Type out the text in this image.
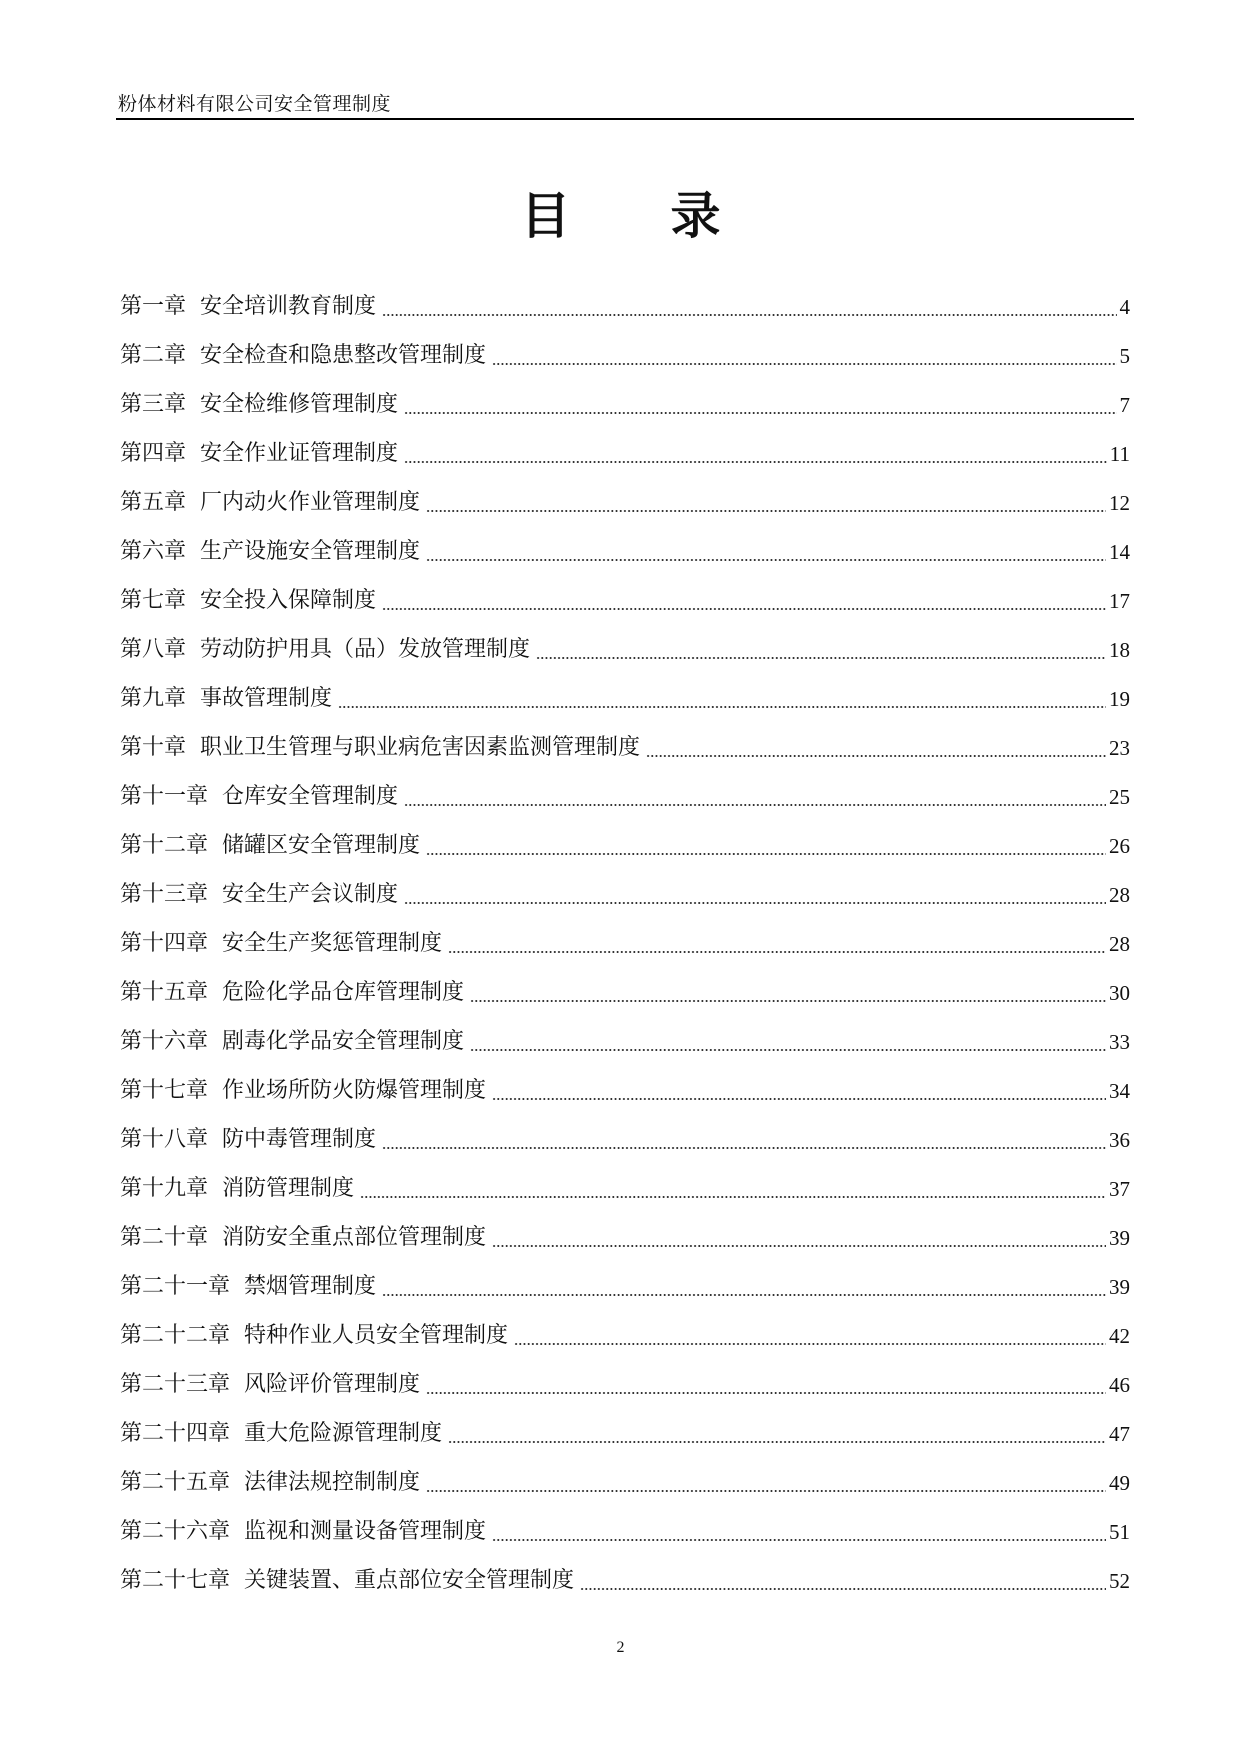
粉体材料有限公司安全管理制度
目　　录
第一章 安全培训教育制度	4
第二章 安全检查和隐患整改管理制度	5
第三章 安全检维修管理制度	7
第四章 安全作业证管理制度	11
第五章 厂内动火作业管理制度	12
第六章 生产设施安全管理制度	14
第七章 安全投入保障制度	17
第八章 劳动防护用具（品）发放管理制度	18
第九章 事故管理制度	19
第十章 职业卫生管理与职业病危害因素监测管理制度	23
第十一章 仓库安全管理制度	25
第十二章 储罐区安全管理制度	26
第十三章 安全生产会议制度	28
第十四章 安全生产奖惩管理制度	28
第十五章 危险化学品仓库管理制度	30
第十六章 剧毒化学品安全管理制度	33
第十七章 作业场所防火防爆管理制度	34
第十八章 防中毒管理制度	36
第十九章 消防管理制度	37
第二十章 消防安全重点部位管理制度	39
第二十一章 禁烟管理制度	39
第二十二章 特种作业人员安全管理制度	42
第二十三章 风险评价管理制度	46
第二十四章 重大危险源管理制度	47
第二十五章 法律法规控制制度	49
第二十六章 监视和测量设备管理制度	51
第二十七章 关键装置、重点部位安全管理制度	52
2
